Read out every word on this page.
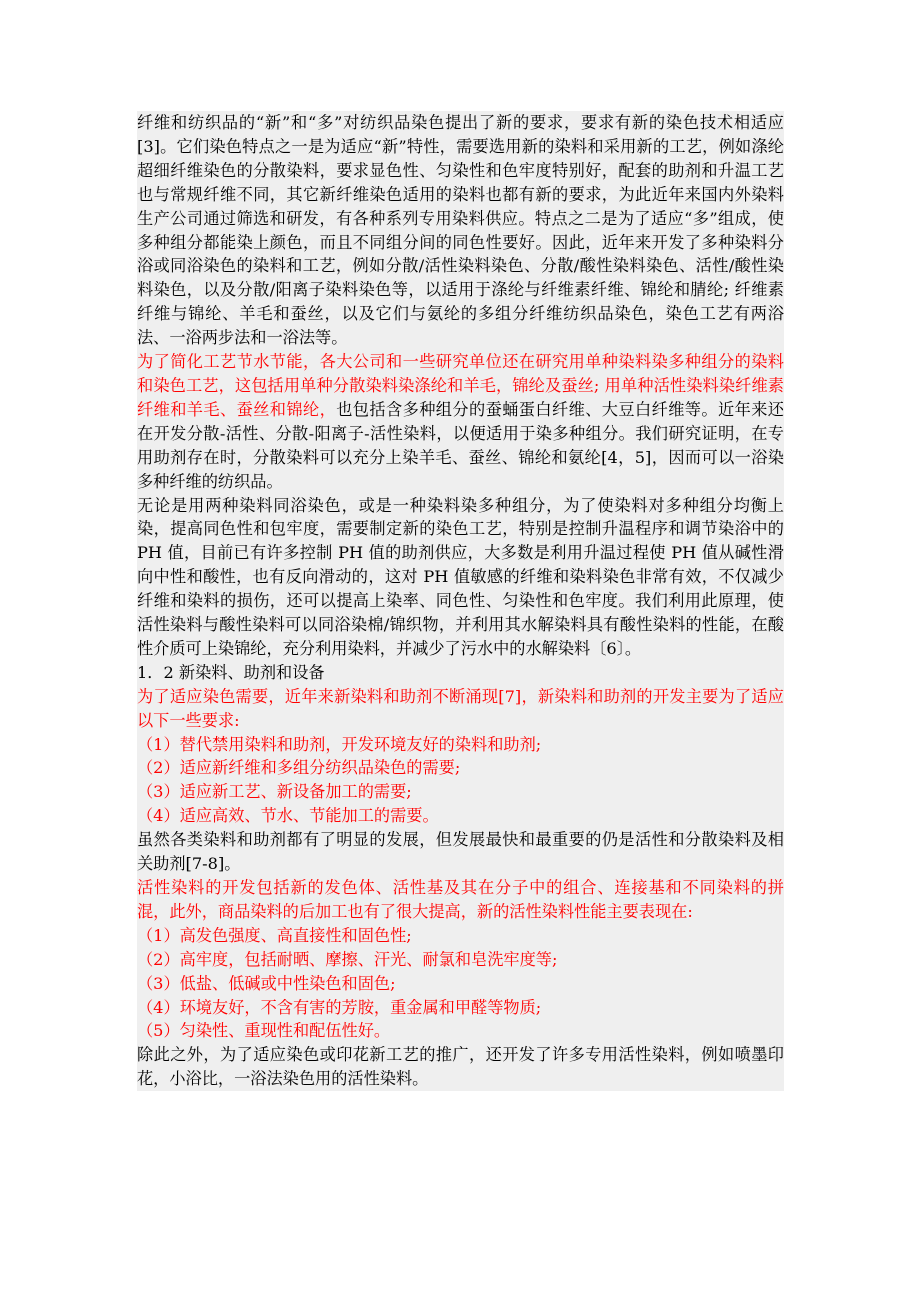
纤维和纺织品的“新”和“多”对纺织品染色提出了新的要求，要求有新的染色技术相适应[3]。它们染色特点之一是为适应“新”特性，需要选用新的染料和采用新的工艺，例如涤纶超细纤维染色的分散染料，要求显色性、匀染性和色牢度特别好，配套的助剂和升温工艺也与常规纤维不同，其它新纤维染色适用的染料也都有新的要求，为此近年来国内外染料生产公司通过筛选和研发，有各种系列专用染料供应。特点之二是为了适应“多”组成，使多种组分都能染上颜色，而且不同组分间的同色性要好。因此，近年来开发了多种染料分浴或同浴染色的染料和工艺，例如分散/活性染料染色、分散/酸性染料染色、活性/酸性染料染色，以及分散/阳离子染料染色等，以适用于涤纶与纤维素纤维、锦纶和腈纶; 纤维素纤维与锦纶、羊毛和蚕丝，以及它们与氨纶的多组分纤维纺织品染色，染色工艺有两浴法、一浴两步法和一浴法等。

为了简化工艺节水节能，各大公司和一些研究单位还在研究用单种染料染多种组分的染料和染色工艺，这包括用单种分散染料染涤纶和羊毛，锦纶及蚕丝; 用单种活性染料染纤维素纤维和羊毛、蚕丝和锦纶，也包括含多种组分的蚕蛹蛋白纤维、大豆白纤维等。近年来还在开发分散-活性、分散-阳离子-活性染料，以便适用于染多种组分。我们研究证明，在专用助剂存在时，分散染料可以充分上染羊毛、蚕丝、锦纶和氨纶[4，5]，因而可以一浴染多种纤维的纺织品。

无论是用两种染料同浴染色，或是一种染料染多种组分，为了使染料对多种组分均衡上染，提高同色性和包牢度，需要制定新的染色工艺，特别是控制升温程序和调节染浴中的 PH 值，目前已有许多控制 PH 值的助剂供应，大多数是利用升温过程使 PH 值从碱性滑向中性和酸性，也有反向滑动的，这对 PH 值敏感的纤维和染料染色非常有效，不仅减少纤维和染料的损伤，还可以提高上染率、同色性、匀染性和色牢度。我们利用此原理，使活性染料与酸性染料可以同浴染棉/锦织物，并利用其水解染料具有酸性染料的性能，在酸性介质可上染锦纶，充分利用染料，并减少了污水中的水解染料〔6〕。

1．2 新染料、助剂和设备

为了适应染色需要，近年来新染料和助剂不断涌现[7]，新染料和助剂的开发主要为了适应以下一些要求:

（1）替代禁用染料和助剂，开发环境友好的染料和助剂;

（2）适应新纤维和多组分纺织品染色的需要;

（3）适应新工艺、新设备加工的需要;

（4）适应高效、节水、节能加工的需要。

虽然各类染料和助剂都有了明显的发展，但发展最快和最重要的仍是活性和分散染料及相关助剂[7-8]。

活性染料的开发包括新的发色体、活性基及其在分子中的组合、连接基和不同染料的拼混，此外，商品染料的后加工也有了很大提高，新的活性染料性能主要表现在:

（1）高发色强度、高直接性和固色性;

（2）高牢度，包括耐晒、摩擦、汗光、耐氯和皂洗牢度等;

（3）低盐、低碱或中性染色和固色;

（4）环境友好，不含有害的芳胺，重金属和甲醛等物质;

（5）匀染性、重现性和配伍性好。

除此之外，为了适应染色或印花新工艺的推广，还开发了许多专用活性染料，例如喷墨印花，小浴比，一浴法染色用的活性染料。
